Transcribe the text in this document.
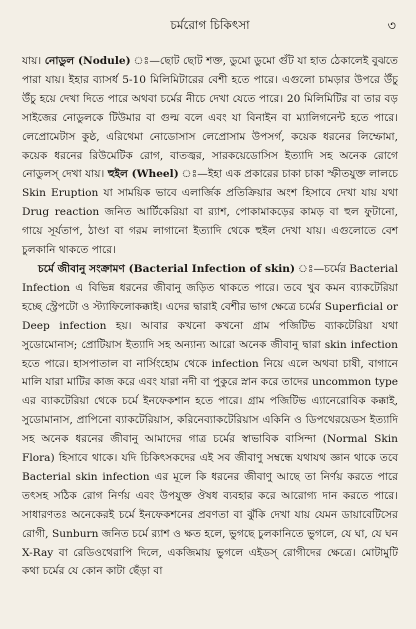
চর্মরোগ চিকিৎসা	৩

যায়। নোডুল (Nodule) ঃ—ছোট ছোট শক্ত, ডুমো ডুমো গুঁট যা হাত ঠেকালেই বুঝতে পারা যায়। ইহার ব্যাসর্ধ 5-10 মিলিমিটারের বেশী হতে পারে। এগুলো চামড়ার উপরে উঁচু উঁচু হয়ে দেখা দিতে পারে অথবা চর্মের নীচে দেখা যেতে পারে। 20 মিলিমিটির বা তার বড় সাইজের নোডুলকে টিউমার বা গুল্ম বলে এবং যা বিনাইন বা ম্যালিগনেন্ট হতে পারে। লেপ্রোমেটাস কুষ্ঠ, এরিথেমা নোডোসাস লেপ্রোসাম উপসর্গ, কয়েক ধরনের লিম্ফোমা, কয়েক ধরনের রিউমেটিক রোগ, বাতজ্বর, সারকয়েডোসিস ইত্যাদি সহ অনেক রোগে নোডুলস্ দেখা যায়। হুইল (Wheel) ঃ—ইহা এক প্রকারের চাকা চাকা স্ফীতযুক্ত লালচে Skin Eruption যা সাময়িক ভাবে এলার্জিক প্রতিক্রিয়ার অংশ হিসাবে দেখা যায় যথা Drug reaction জনিত আর্টিকেরিয়া বা র‍্যাশ, পোকামাকড়ের কামড় বা হুল ফুটানো, গায়ে সূর্যতাপ, ঠাণ্ডা বা গরম লাগানো ইত্যাদি থেকে হুইল দেখা যায়। এগুলোতে বেশ চুলকানি থাকতে পারে।

চর্মে জীবানু সংক্রামণ (Bacterial Infection of skin) ঃ—চর্মের Bacterial Infection এ বিভিন্ন ধরনের জীবানু জড়িত থাকতে পারে। তবে খুব কমন ব্যাকটেরিয়া হচ্ছে স্ট্রেপটো ও স্ট্যাফিলোকক্কাই। এদের দ্বারাই বেশীর ভাগ ক্ষেত্রে চর্মের Superficial or Deep infection হয়। আবার কখনো কখনো গ্রাম পজিটিভ ব্যাকটেরিয়া যথা সুডোমোনাস; প্রোটিয়াস ইত্যাদি সহ অন্যান্য আরো অনেক জীবানু দ্বারা skin infection হতে পারে। হাসপাতাল বা নার্সিংহোম থেকে infection নিয়ে এলে অথবা চাষী, বাগানে মালি যারা মাটির কাজ করে এবং যারা নদী বা পুকুরে স্নান করে তাদের uncommon type এর ব্যাকটেরিয়া থেকে চর্মে ইনফেকশান হতে পারে। গ্রাম পজিটিভ এ্যানেরোবিক কক্কাই, সুডোমানাস, প্রাপিনো ব্যাকটেরিয়াস, করিনেব্যাকটেরিয়াস একিনি ও ডিপথেরয়েডস ইত্যাদি সহ অনেক ধরনের জীবানু আমাদের গাত্র চর্মের স্বাভাবিক বাসিন্দা (Normal Skin Flora) হিসাবে থাকে। যদি চিকিৎসকদের এই সব জীবাণু সম্বন্ধে যথাযথ জ্ঞান থাকে তবে Bacterial skin infection এর মূলে কি ধরনের জীবাণু আছে তা নির্ণয় করতে পারে তৎসহ সঠিক রোগ নির্ণয় এবং উপযুক্ত ঔষধ ব্যবহার করে আরোগ্য দান করতে পারে। সাধারণতঃ অনেকেরই চর্মে ইনফেকশনের প্রবণতা বা ঝুঁকি দেখা যায় যেমন ডায়াবেটিসের রোগী, Sunburn জনিত চর্মে র‍্যাশ ও ক্ষত হলে, ভুগছে চুলকানিতে ভুগলে, যে ঘা, যে ঘন X-Ray বা রেডিওথেরাপি দিলে, একজিমায় ভুগলে এইডস্ রোগীদের ক্ষেত্রে। মোটামুটি কথা চর্মের যে কোন কাটা ছেঁড়া বা
